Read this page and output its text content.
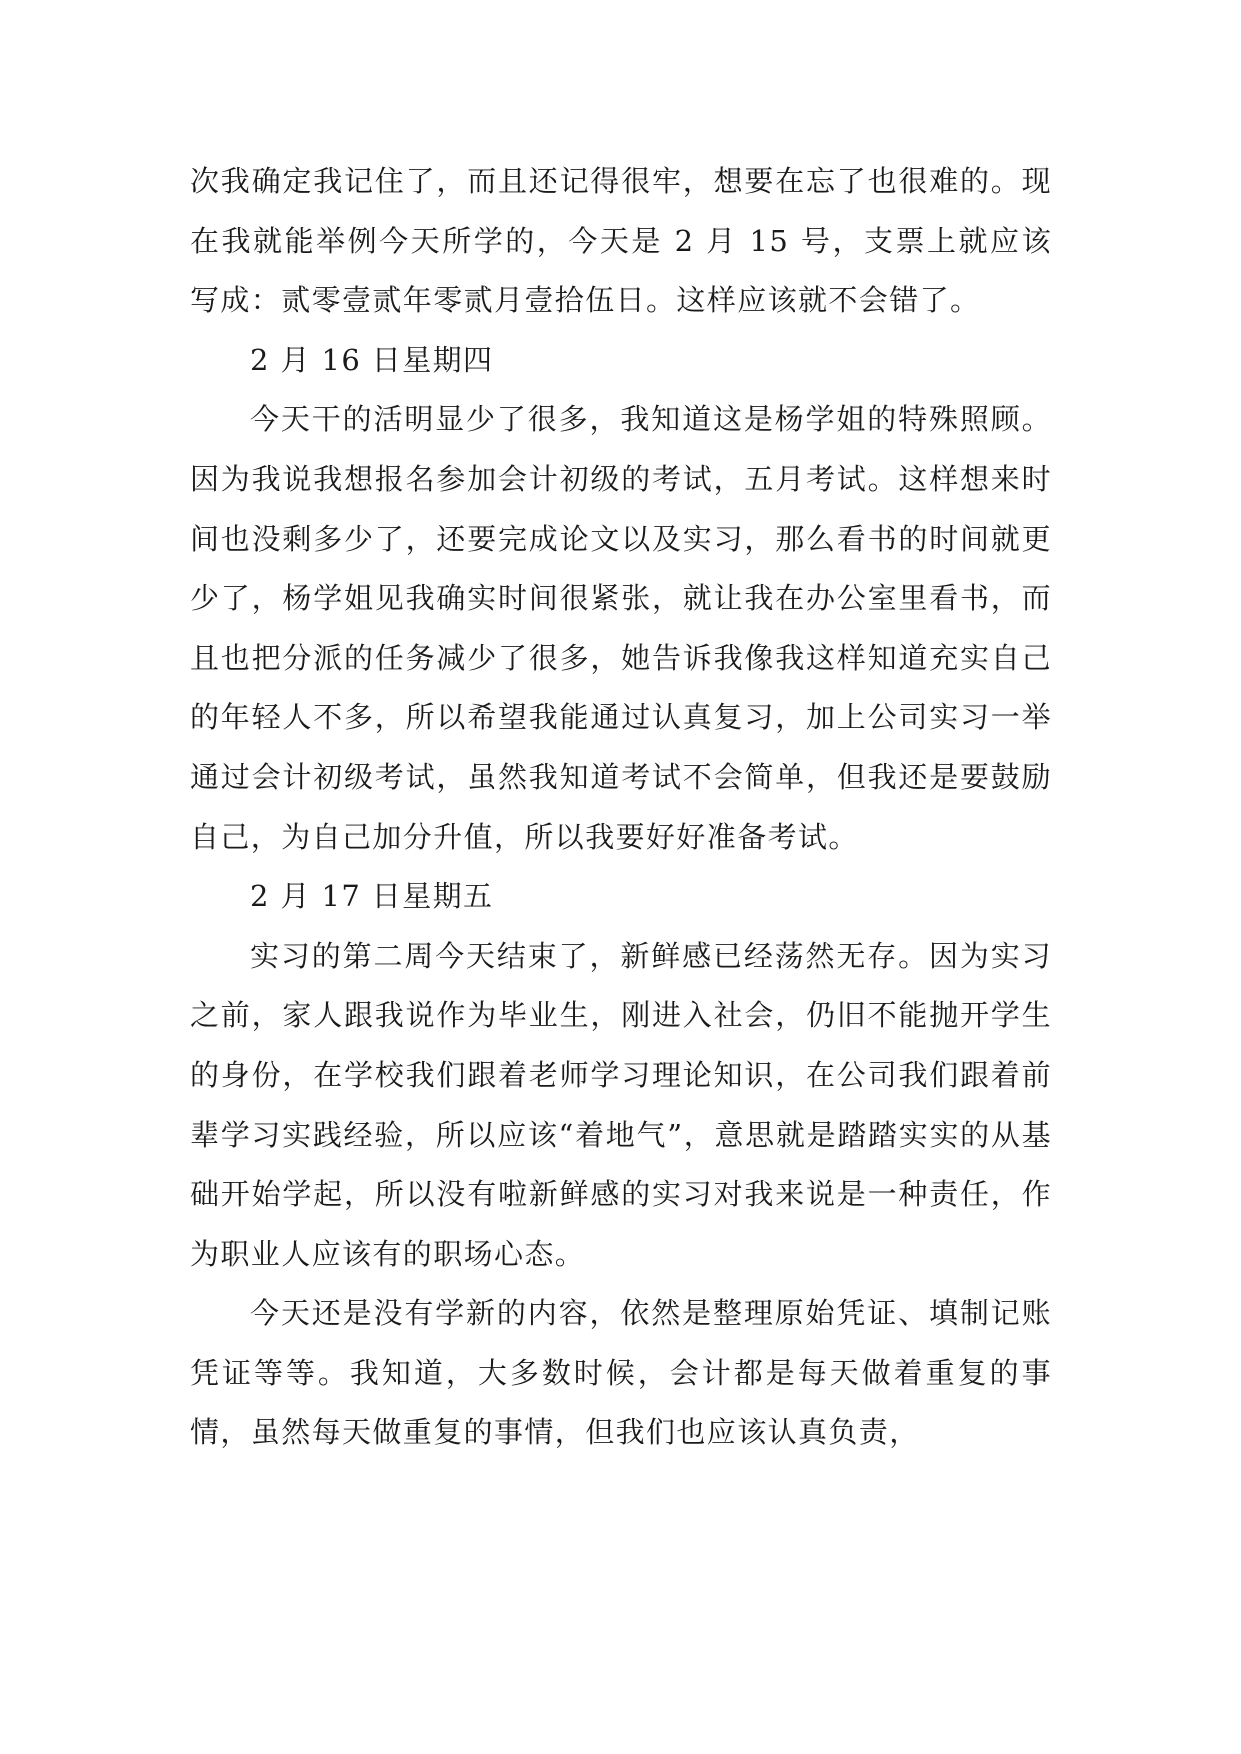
次我确定我记住了，而且还记得很牢，想要在忘了也很难的。现在我就能举例今天所学的，今天是 2 月 15 号，支票上就应该写成：贰零壹贰年零贰月壹拾伍日。这样应该就不会错了。

2 月 16 日星期四

今天干的活明显少了很多，我知道这是杨学姐的特殊照顾。因为我说我想报名参加会计初级的考试，五月考试。这样想来时间也没剩多少了，还要完成论文以及实习，那么看书的时间就更少了，杨学姐见我确实时间很紧张，就让我在办公室里看书，而且也把分派的任务减少了很多，她告诉我像我这样知道充实自己的年轻人不多，所以希望我能通过认真复习，加上公司实习一举通过会计初级考试，虽然我知道考试不会简单，但我还是要鼓励自己，为自己加分升值，所以我要好好准备考试。

2 月 17 日星期五

实习的第二周今天结束了，新鲜感已经荡然无存。因为实习之前，家人跟我说作为毕业生，刚进入社会，仍旧不能抛开学生的身份，在学校我们跟着老师学习理论知识，在公司我们跟着前辈学习实践经验，所以应该“着地气”，意思就是踏踏实实的从基础开始学起，所以没有啦新鲜感的实习对我来说是一种责任，作为职业人应该有的职场心态。

今天还是没有学新的内容，依然是整理原始凭证、填制记账凭证等等。我知道，大多数时候，会计都是每天做着重复的事情，虽然每天做重复的事情，但我们也应该认真负责，
